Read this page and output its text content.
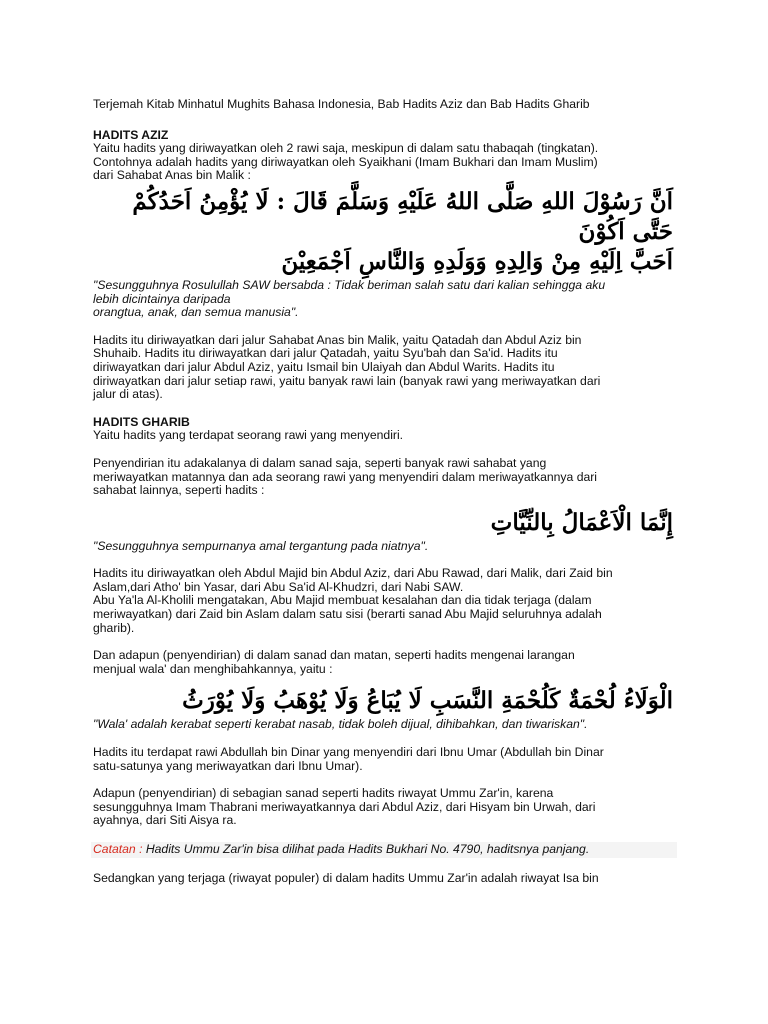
Terjemah Kitab Minhatul Mughits Bahasa Indonesia, Bab Hadits Aziz dan Bab Hadits Gharib

HADITS AZIZ

Yaitu hadits yang diriwayatkan oleh 2 rawi saja, meskipun di dalam satu thabaqah (tingkatan).

Contohnya adalah hadits yang diriwayatkan oleh Syaikhani (Imam Bukhari dan Imam Muslim)

dari Sahabat Anas bin Malik :

اَنَّ رَسُوْلَ اللهِ صَلَّى اللهُ عَلَيْهِ وَسَلَّمَ قَالَ : لَا يُؤْمِنُ اَحَدُكُمْ حَتَّى اَكُوْنَ
اَحَبَّ اِلَيْهِ مِنْ وَالِدِهِ وَوَلَدِهِ وَالنَّاسِ اَجْمَعِيْنَ

"Sesungguhnya Rosulullah SAW bersabda : Tidak beriman salah satu dari kalian sehingga aku

lebih dicintainya daripada

orangtua, anak, dan semua manusia".

Hadits itu diriwayatkan dari jalur Sahabat Anas bin Malik, yaitu Qatadah dan Abdul Aziz bin

Shuhaib. Hadits itu diriwayatkan dari jalur Qatadah, yaitu Syu'bah dan Sa'id. Hadits itu

diriwayatkan dari jalur Abdul Aziz, yaitu Ismail bin Ulaiyah dan Abdul Warits. Hadits itu

diriwayatkan dari jalur setiap rawi, yaitu banyak rawi lain (banyak rawi yang meriwayatkan dari

jalur di atas).

HADITS GHARIB

Yaitu hadits yang terdapat seorang rawi yang menyendiri.

Penyendirian itu adakalanya di dalam sanad saja, seperti banyak rawi sahabat yang

meriwayatkan matannya dan ada seorang rawi yang menyendiri dalam meriwayatkannya dari

sahabat lainnya, seperti hadits :

إِنَّمَا الْاَعْمَالُ بِالنِّيَّاتِ

"Sesungguhnya sempurnanya amal tergantung pada niatnya".

Hadits itu diriwayatkan oleh Abdul Majid bin Abdul Aziz, dari Abu Rawad, dari Malik, dari Zaid bin

Aslam,dari Atho' bin Yasar, dari Abu Sa'id Al-Khudzri, dari Nabi SAW.

Abu Ya'la Al-Kholili mengatakan, Abu Majid membuat kesalahan dan dia tidak terjaga (dalam

meriwayatkan) dari Zaid bin Aslam dalam satu sisi (berarti sanad Abu Majid seluruhnya adalah

gharib).

Dan adapun (penyendirian) di dalam sanad dan matan, seperti hadits mengenai larangan

menjual wala' dan menghibahkannya, yaitu :

الْوَلَاءُ لُحْمَةٌ كَلُحْمَةِ النَّسَبِ لَا يُبَاعُ وَلَا يُوْهَبُ وَلَا يُوْرَثُ

"Wala' adalah kerabat seperti kerabat nasab, tidak boleh dijual, dihibahkan, dan tiwariskan".

Hadits itu terdapat rawi Abdullah bin Dinar yang menyendiri dari Ibnu Umar (Abdullah bin Dinar

satu-satunya yang meriwayatkan dari Ibnu Umar).

Adapun (penyendirian) di sebagian sanad seperti hadits riwayat Ummu Zar'in, karena

sesungguhnya Imam Thabrani meriwayatkannya dari Abdul Aziz, dari Hisyam bin Urwah, dari

ayahnya, dari Siti Aisya ra.

Catatan : Hadits Ummu Zar'in bisa dilihat pada Hadits Bukhari No. 4790, haditsnya panjang.

Sedangkan yang terjaga (riwayat populer) di dalam hadits Ummu Zar'in adalah riwayat Isa bin
